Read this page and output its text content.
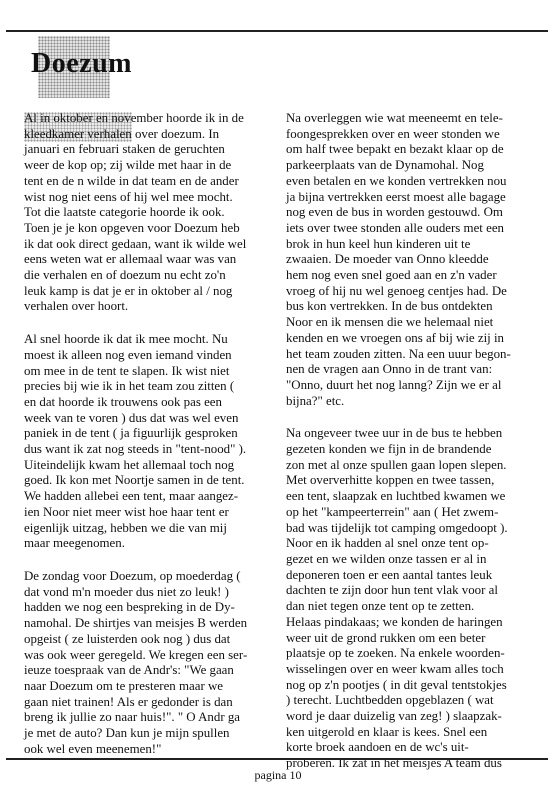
Doezum

Al in oktober en november hoorde ik in de
kleedkamer verhalen over doezum. In
januari en februari staken de geruchten
weer de kop op; zij wilde met haar in de
tent en de n wilde in dat team en de ander
wist nog niet eens of hij wel mee mocht.
Tot die laatste categorie hoorde ik ook.
Toen je je kon opgeven voor Doezum heb
ik dat ook direct gedaan, want ik wilde wel
eens weten wat er allemaal waar was van
die verhalen en of doezum nu echt zo'n
leuk kamp is dat je er in oktober al / nog
verhalen over hoort.

Al snel hoorde ik dat ik mee mocht. Nu
moest ik alleen nog even iemand vinden
om mee in de tent te slapen. Ik wist niet
precies bij wie ik in het team zou zitten (
en dat hoorde ik trouwens ook pas een
week van te voren ) dus dat was wel even
paniek in de tent ( ja figuurlijk gesproken
dus want ik zat nog steeds in "tent-nood" ).
Uiteindelijk kwam het allemaal toch nog
goed. Ik kon met Noortje samen in de tent.
We hadden allebei een tent, maar aangez-
ien Noor niet meer wist hoe haar tent er
eigenlijk uitzag, hebben we die van mij
maar meegenomen.

De zondag voor Doezum, op moederdag (
dat vond m'n moeder dus niet zo leuk! )
hadden we nog een bespreking in de Dy-
namohal. De shirtjes van meisjes B werden
opgeist ( ze luisterden ook nog ) dus dat
was ook weer geregeld. We kregen een ser-
ieuze toespraak van de Andr's: "We gaan
naar Doezum om te presteren maar we
gaan niet trainen! Als er gedonder is dan
breng ik jullie zo naar huis!". " O Andr ga
je met de auto? Dan kun je mijn spullen
ook wel even meenemen!"

Na overleggen wie wat meeneemt en tele-
foongesprekken over en weer stonden we
om half twee bepakt en bezakt klaar op de
parkeerplaats van de Dynamohal. Nog
even betalen en we konden vertrekken nou
ja bijna vertrekken eerst moest alle bagage
nog even de bus in worden gestouwd. Om
iets over twee stonden alle ouders met een
brok in hun keel hun kinderen uit te
zwaaien. De moeder van Onno kleedde
hem nog even snel goed aan en z'n vader
vroeg of hij nu wel genoeg centjes had. De
bus kon vertrekken. In de bus ontdekten
Noor en ik mensen die we helemaal niet
kenden en we vroegen ons af bij wie zij in
het team zouden zitten. Na een uuur begon-
nen de vragen aan Onno in de trant van:
"Onno, duurt het nog lanng? Zijn we er al
bijna?" etc.

Na ongeveer twee uur in de bus te hebben
gezeten konden we fijn in de brandende
zon met al onze spullen gaan lopen slepen.
Met oververhitte koppen en twee tassen,
een tent, slaapzak en luchtbed kwamen we
op het "kampeerterrein" aan ( Het zwem-
bad was tijdelijk tot camping omgedoopt ).
Noor en ik hadden al snel onze tent op-
gezet en we wilden onze tassen er al in
deponeren toen er een aantal tantes leuk
dachten te zijn door hun tent vlak voor al
dan niet tegen onze tent op te zetten.
Helaas pindakaas; we konden de haringen
weer uit de grond rukken om een beter
plaatsje op te zoeken. Na enkele woorden-
wisselingen over en weer kwam alles toch
nog op z'n pootjes ( in dit geval tentstokjes
) terecht. Luchtbedden opgeblazen ( wat
word je daar duizelig van zeg! ) slaapzak-
ken uitgerold en klaar is kees. Snel een
korte broek aandoen en de wc's uit-
proberen. Ik zat in het meisjes A team dus

pagina 10
